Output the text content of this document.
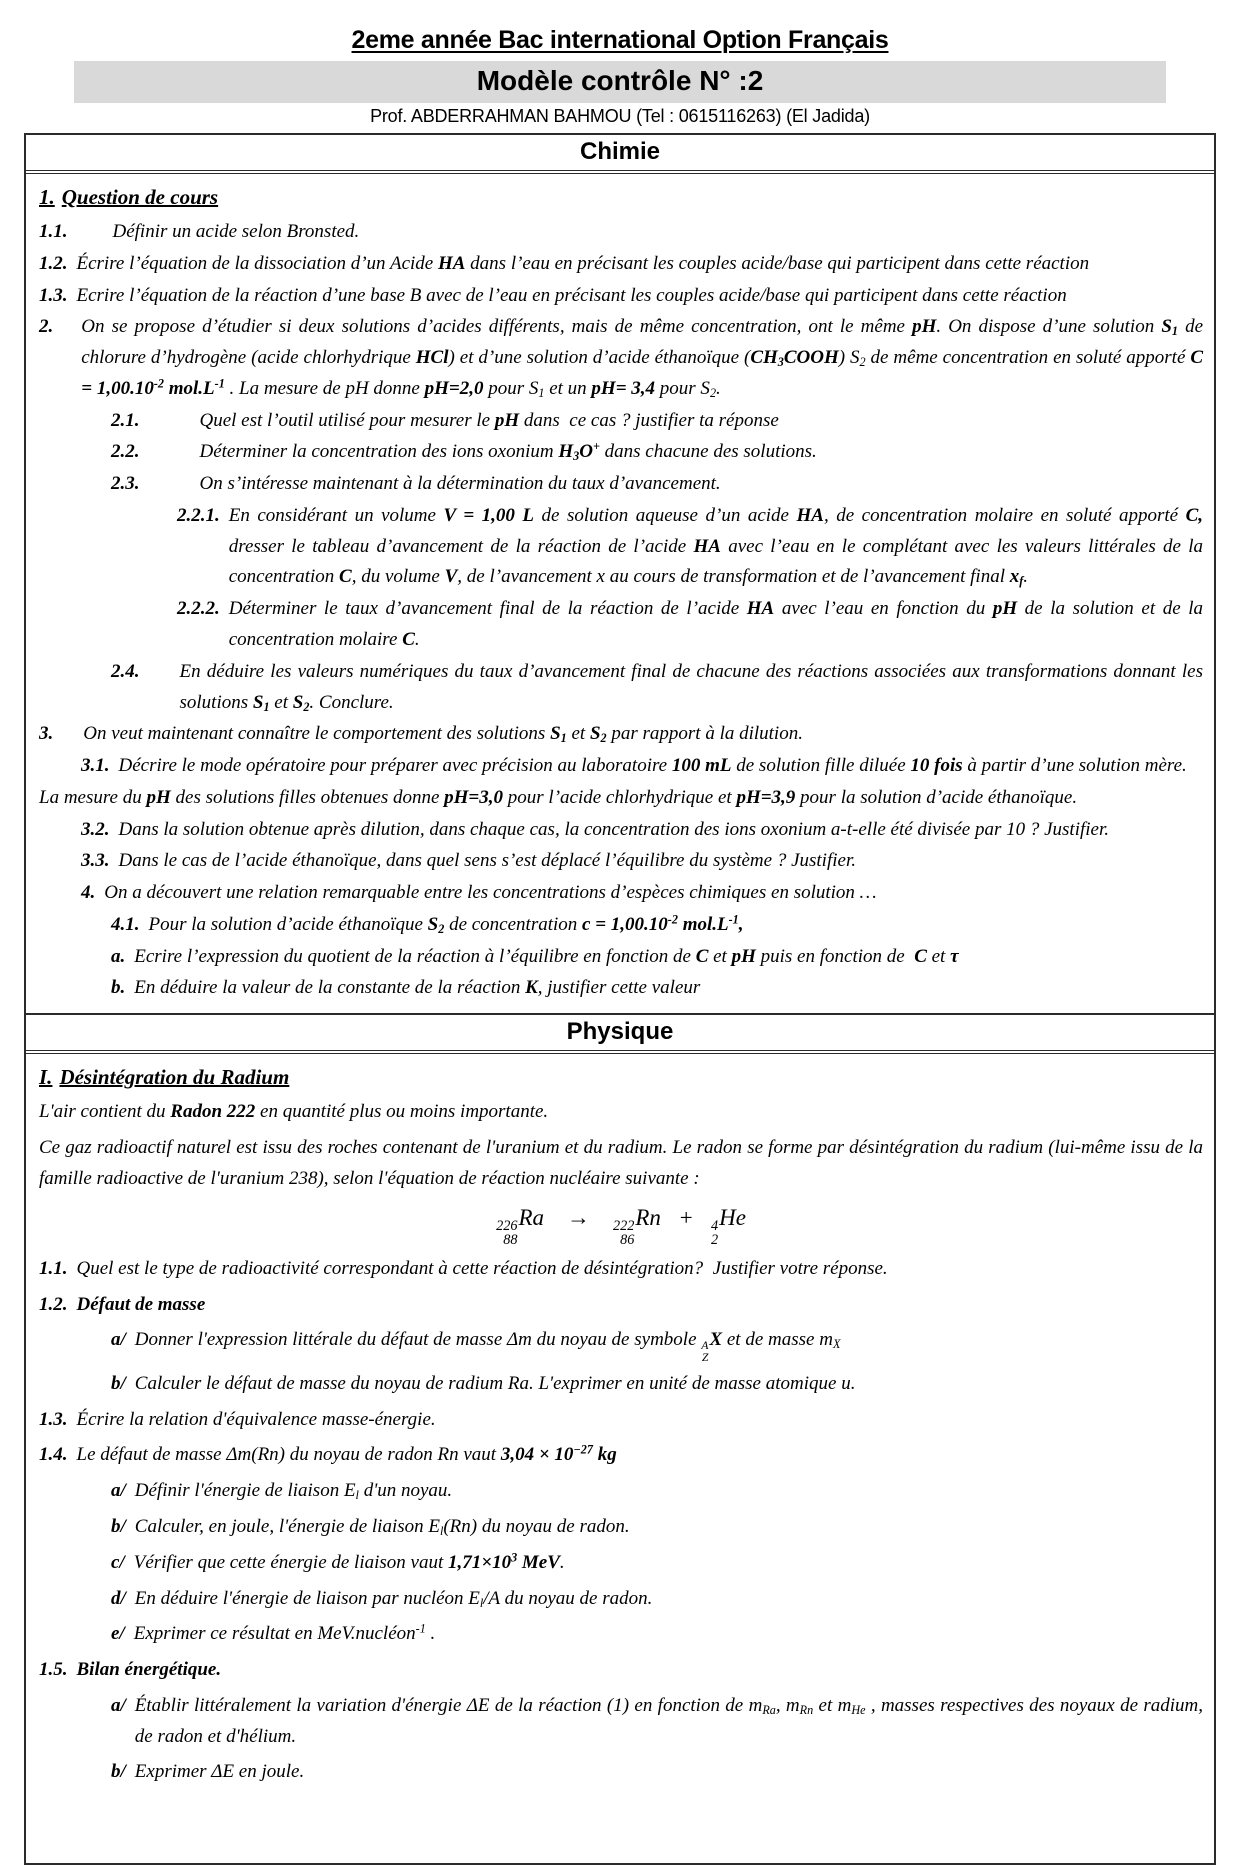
2eme année Bac international Option Français
Modèle contrôle N° :2
Prof. ABDERRAHMAN BAHMOU (Tel : 0615116263) (El Jadida)
Chimie
1. Question de cours
1.1. Définir un acide selon Bronsted.
1.2. Écrire l’équation de la dissociation d’un Acide HA dans l’eau en précisant les couples acide/base qui participent dans cette réaction
1.3. Ecrire l’équation de la réaction d’une base B avec de l’eau en précisant les couples acide/base qui participent dans cette réaction
2. On se propose d’étudier si deux solutions d’acides différents, mais de même concentration, ont le même pH. On dispose d’une solution $S_1$ de chlorure d’hydrogène (acide chlorhydrique HCl) et d’une solution d’acide éthanoïque $(CH_3COOH)$ $S_2$ de même concentration en soluté apporté $C = 1,00.10^{-2}$ $mol.L^{-1}$ . La mesure de pH donne pH=2,0 pour $S_1$ et un pH= 3,4 pour $S_2$.
2.1.	Quel est l’outil utilisé pour mesurer le pH dans  ce cas ? justifier ta réponse
2.2.	Déterminer la concentration des ions oxonium $H_3O^+$ dans chacune des solutions.
2.3.	On s’intéresse maintenant à la détermination du taux d’avancement.
2.2.1. En considérant un volume V = 1,00 L de solution aqueuse d’un acide HA, de concentration molaire en soluté apporté C, dresser le tableau d’avancement de la réaction de l’acide HA avec l’eau en le complétant avec les valeurs littérales de la concentration C, du volume V, de l’avancement x au cours de transformation et de l’avancement final $x_f$.
2.2.2. Déterminer le taux d’avancement final de la réaction de l’acide HA avec l’eau en fonction du pH de la solution et de la concentration molaire C.
2.4. En déduire les valeurs numériques du taux d’avancement final de chacune des réactions associées aux transformations donnant les solutions $S_1$ et $S_2$. Conclure.
3. On veut maintenant connaître le comportement des solutions $S_1$ et $S_2$ par rapport à la dilution.
3.1. Décrire le mode opératoire pour préparer avec précision au laboratoire 100 mL de solution fille diluée 10 fois à partir d’une solution mère.
La mesure du pH des solutions filles obtenues donne pH=3,0 pour l’acide chlorhydrique et pH=3,9 pour la solution d’acide éthanoïque.
3.2. Dans la solution obtenue après dilution, dans chaque cas, la concentration des ions oxonium a-t-elle été divisée par 10 ? Justifier.
3.3. Dans le cas de l’acide éthanoïque, dans quel sens s’est déplacé l’équilibre du système ? Justifier.
4. On a découvert une relation remarquable entre les concentrations d’espèces chimiques en solution …
4.1. Pour la solution d’acide éthanoïque $S_2$ de concentration $c = 1,00.10^{-2}$ $mol.L^{-1}$,
a. Ecrire l’expression du quotient de la réaction à l’équilibre en fonction de C et pH puis en fonction de  C et τ
b. En déduire la valeur de la constante de la réaction K, justifier cette valeur
Physique
I. Désintégration du Radium
L'air contient du Radon 222 en quantité plus ou moins importante.
Ce gaz radioactif naturel est issu des roches contenant de l'uranium et du radium. Le radon se forme par désintégration du radium (lui-même issu de la famille radioactive de l'uranium 238), selon l'équation de réaction nucléaire suivante :
226
88
Ra → 222
86
Rn   + 4
2
He
1.1. Quel est le type de radioactivité correspondant à cette réaction de désintégration?  Justifier votre réponse.
1.2. Défaut de masse
a/ Donner l'expression littérale du défaut de masse Δm du noyau de symbole A
Z
X et de masse $m_X$
b/ Calculer le défaut de masse du noyau de radium Ra. L'exprimer en unité de masse atomique u.
1.3. Écrire la relation d'équivalence masse-énergie.
1.4. Le défaut de masse Δm(Rn) du noyau de radon Rn vaut $3,04 \times 10^{-27}$ kg
a/ Définir l'énergie de liaison $E_l$ d'un noyau.
b/ Calculer, en joule, l'énergie de liaison $E_l(Rn)$ du noyau de radon.
c/ Vérifier que cette énergie de liaison vaut $1,71\times 10^3$ MeV.
d/ En déduire l'énergie de liaison par nucléon $E_l/A$ du noyau de radon.
e/ Exprimer ce résultat en MeV.nucléon$^{-1}$ .
1.5. Bilan énergétique.
a/ Établir littéralement la variation d'énergie ΔE de la réaction (1) en fonction de $m_{Ra}$, $m_{Rn}$ et $m_{He}$ , masses respectives des noyaux de radium, de radon et d'hélium.
b/ Exprimer ΔE en joule.
